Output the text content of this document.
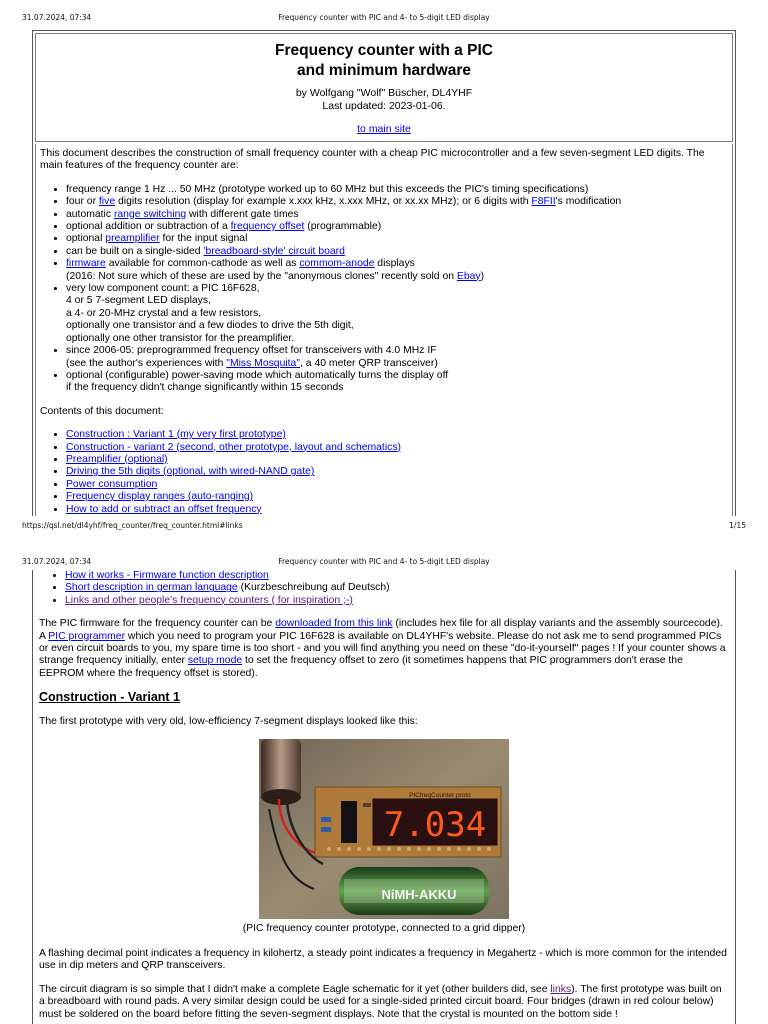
31.07.2024, 07:34	Frequency counter with PIC and 4- to 5-digit LED display
Frequency counter with a PIC
and minimum hardware
by Wolfgang "Wolf" Büscher, DL4YHF
Last updated: 2023-01-06.
to main site

This document describes the construction of small frequency counter with a cheap PIC microcontroller and a few seven-segment LED digits. The main features of the frequency counter are:

• frequency range 1 Hz ... 50 MHz (prototype worked up to 60 MHz but this exceeds the PIC's timing specifications)
• four or five digits resolution (display for example x.xxx kHz, x.xxx MHz, or xx.xx MHz); or 6 digits with F8FII's modification
• automatic range switching with different gate times
• optional addition or subtraction of a frequency offset (programmable)
• optional preamplifier for the input signal
• can be built on a single-sided 'breadboard-style' circuit board
• firmware available for common-cathode as well as commom-anode displays
(2016: Not sure which of these are used by the "anonymous clones" recently sold on Ebay)
• very low component count: a PIC 16F628,
4 or 5 7-segment LED displays,
a 4- or 20-MHz crystal and a few resistors,
optionally one transistor and a few diodes to drive the 5th digit,
optionally one other transistor for the preamplifier.
• since 2006-05: preprogrammed frequency offset for transceivers with 4.0 MHz IF
(see the author's experiences with "Miss Mosquita", a 40 meter QRP transceiver)
• optional (configurable) power-saving mode which automatically turns the display off
if the frequency didn't change significantly within 15 seconds

Contents of this document:

• Construction : Variant 1 (my very first prototype)
• Construction - variant 2 (second, other prototype, layout and schematics)
• Preamplifier (optional)
• Driving the 5th digits (optional, with wired-NAND gate)
• Power consumption
• Frequency display ranges (auto-ranging)
• How to add or subtract an offset frequency
https://qsl.net/dl4yhf/freq_counter/freq_counter.html#links	1/15
31.07.2024, 07:34	Frequency counter with PIC and 4- to 5-digit LED display
• How it works - Firmware function description
• Short description in german language (Kurzbeschreibung auf Deutsch)
• Links and other people's frequency counters ( for inspiration ;-)

The PIC firmware for the frequency counter can be downloaded from this link (includes hex file for all display variants and the assembly sourcecode).
A PIC programmer which you need to program your PIC 16F628 is available on DL4YHF's website. Please do not ask me to send programmed PICs or even circuit boards to you, my spare time is too short - and you will find anything you need on these "do-it-yourself" pages ! If your counter shows a strange frequency initially, enter setup mode to set the frequency offset to zero (it sometimes happens that PIC programmers don't erase the EEPROM where the frequency offset is stored).

Construction - Variant 1

The first prototype with very old, low-efficiency 7-segment displays looked like this:

PICfreqCounter proto
7.034
NiMH-AKKU
(PIC frequency counter prototype, connected to a grid dipper)

A flashing decimal point indicates a frequency in kilohertz, a steady point indicates a frequency in Megahertz - which is more common for the intended use in dip meters and QRP transceivers.

The circuit diagram is so simple that I didn't make a complete Eagle schematic for it yet (other builders did, see links). The first prototype was built on a breadboard with round pads. A very similar design could be used for a single-sided printed circuit board. Four bridges (drawn in red colour below) must be soldered on the board before fitting the seven-segment displays. Note that the crystal is mounted on the bottom side !
